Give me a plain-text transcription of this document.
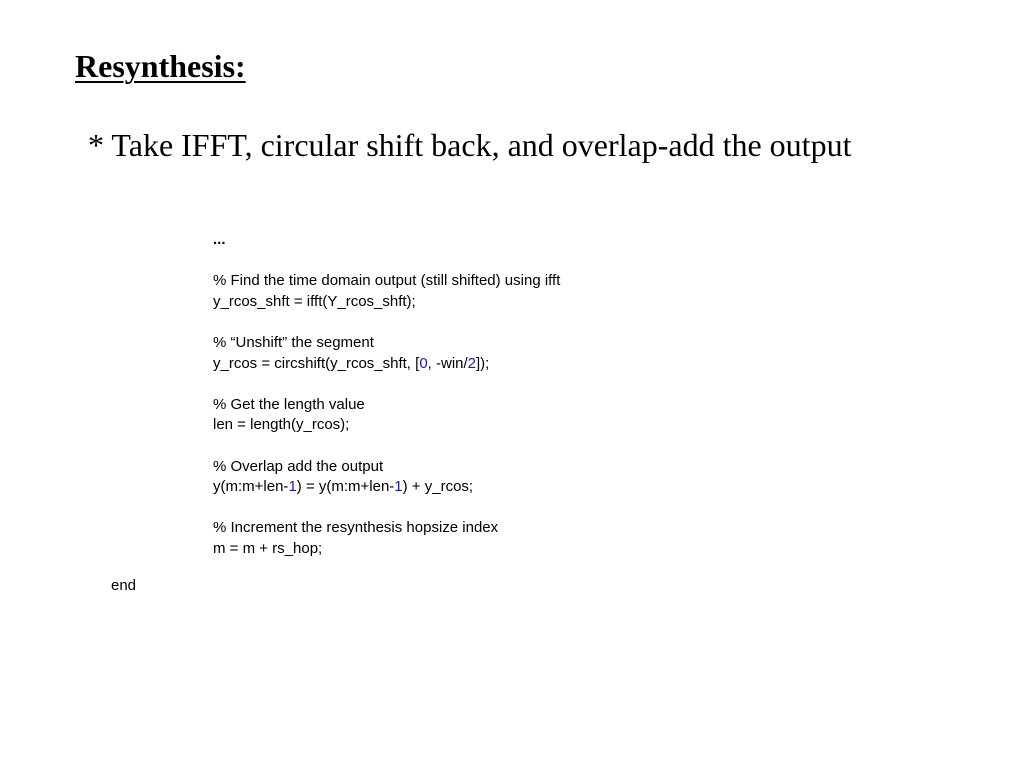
Resynthesis:
* Take IFFT, circular shift back, and overlap-add the output
...
% Find the time domain output (still shifted) using ifft
y_rcos_shft = ifft(Y_rcos_shft);
% “Unshift” the segment
y_rcos = circshift(y_rcos_shft, [0, -win/2]);
% Get the length value
len = length(y_rcos);
% Overlap add the output
y(m:m+len-1) = y(m:m+len-1) + y_rcos;
% Increment the resynthesis hopsize index
m = m + rs_hop;
end
